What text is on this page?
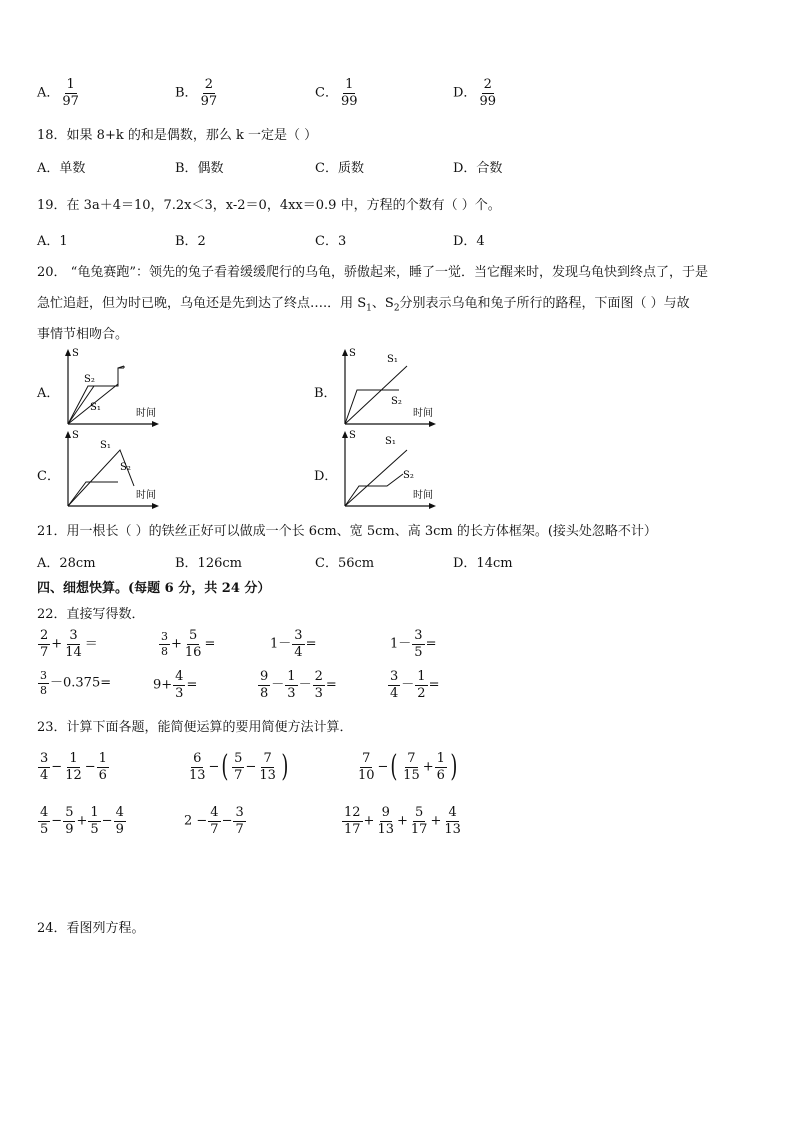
A． $\frac{1}{97}$	B． $\frac{2}{97}$	C． $\frac{1}{99}$	D． $\frac{2}{99}$
18．如果 8+k 的和是偶数，那么 k 一定是（ ）
A．单数	B．偶数	C．质数	D．合数
19．在 3a＋4＝10，7.2x＜3，x-2＝0，4xx＝0.9 中，方程的个数有（ ）个。
A．1	B．2	C．3	D．4
20． “龟兔赛跑”：领先的兔子看着缓缓爬行的乌龟，骄傲起来，睡了一觉．当它醒来时，发现乌龟快到终点了，于是
急忙追赶，但为时已晚，乌龟还是先到达了终点….．用 $S_1$、$S_2$分别表示乌龟和兔子所行的路程，下面图（ ）与故
事情节相吻合。
A．	B．
C．	D．
S
S₂
S₁
时间
S
S₁
S₂
时间
S
S₁
S₂
时间
S
S₁
S₂
时间
21．用一根长（ ）的铁丝正好可以做成一个长 6cm、宽 5cm、高 3cm 的长方体框架。(接头处忽略不计）
A．28cm	B．126cm	C．56cm	D．14cm
四、细想快算。(每题 6 分，共 24 分）
22．直接写得数．
$\frac{2}{7} + \frac{3}{14}$ ＝	$\frac{3}{8} + \frac{5}{16}$ =	$1- \frac{3}{4}$ =	$1- \frac{3}{5}$ =
$\frac{3}{8} -0.375=$	$9+ \frac{4}{3}$ =	$\frac{9}{8} - \frac{1}{3} - \frac{2}{3}$ =	$\frac{3}{4} - \frac{1}{2}$ =
23．计算下面各题，能简便运算的要用简便方法计算．
$\frac{3}{4} - \frac{1}{12} - \frac{1}{6}$	$\frac{6}{13}$ −( $\frac{5}{7} - \frac{7}{13}$ )	$\frac{7}{10}$ −( $\frac{7}{15} + \frac{1}{6}$ )
$\frac{4}{5} - \frac{5}{9} + \frac{1}{5} - \frac{4}{9}$	$2 - \frac{4}{7} - \frac{3}{7}$	$\frac{12}{17} + \frac{9}{13} + \frac{5}{17} + \frac{4}{13}$
24．看图列方程。
